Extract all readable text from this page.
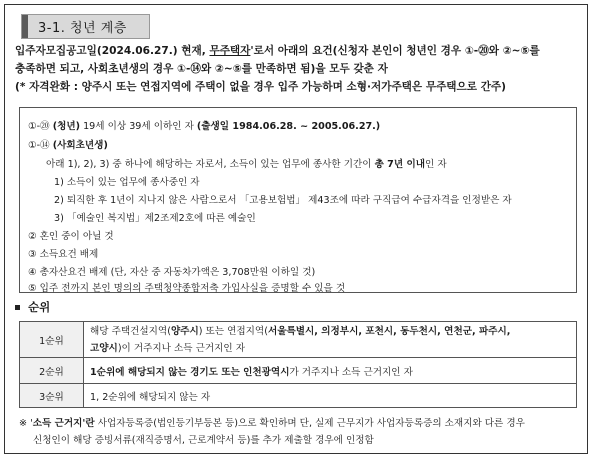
3-1. 청년 계층
입주자모집공고일(2024.06.27.) 현재, 무주택자'로서 아래의 요건(신청자 본인이 청년인 경우 ①-⑳와 ②~⑤를
충족하면 되고, 사회초년생의 경우 ①-⑭와 ②~⑤를 만족하면 됨)을 모두 갖춘 자
(* 자격완화 : 양주시 또는 연접지역에 주택이 없을 경우 입주 가능하며 소형·저가주택은 무주택으로 간주)
①-⑳ (청년) 19세 이상 39세 이하인 자 (출생일 1984.06.28. ~ 2005.06.27.)
①-⑭ (사회초년생)
아래 1), 2), 3) 중 하나에 해당하는 자로서, 소득이 있는 업무에 종사한 기간이 총 7년 이내인 자
1) 소득이 있는 업무에 종사중인 자
2) 퇴직한 후 1년이 지나지 않은 사람으로서 「고용보험법」 제43조에 따라 구직급여 수급자격을 인정받은 자
3) 「예술인 복지법」제2조제2호에 따른 예술인
② 혼인 중이 아닐 것
③ 소득요건 배제
④ 총자산요건 배제 (단, 자산 중 자동차가액은 3,708만원 이하일 것)
⑤ 입주 전까지 본인 명의의 주택청약종합저축 가입사실을 증명할 수 있을 것
순위
1순위	해당 주택건설지역(양주시) 또는 연접지역(서울특별시, 의정부시, 포천시, 동두천시, 연천군, 파주시,
고양시)이 거주지나 소득 근거지인 자
2순위	1순위에 해당되지 않는 경기도 또는 인천광역시가 거주지나 소득 근거지인 자
3순위	1, 2순위에 해당되지 않는 자
※ '소득 근거지'란 사업자등록증(법인등기부등본 등)으로 확인하며 단, 실제 근무지가 사업자등록증의 소재지와 다른 경우
신청인이 해당 증빙서류(재직증명서, 근로계약서 등)를 추가 제출할 경우에 인정함
